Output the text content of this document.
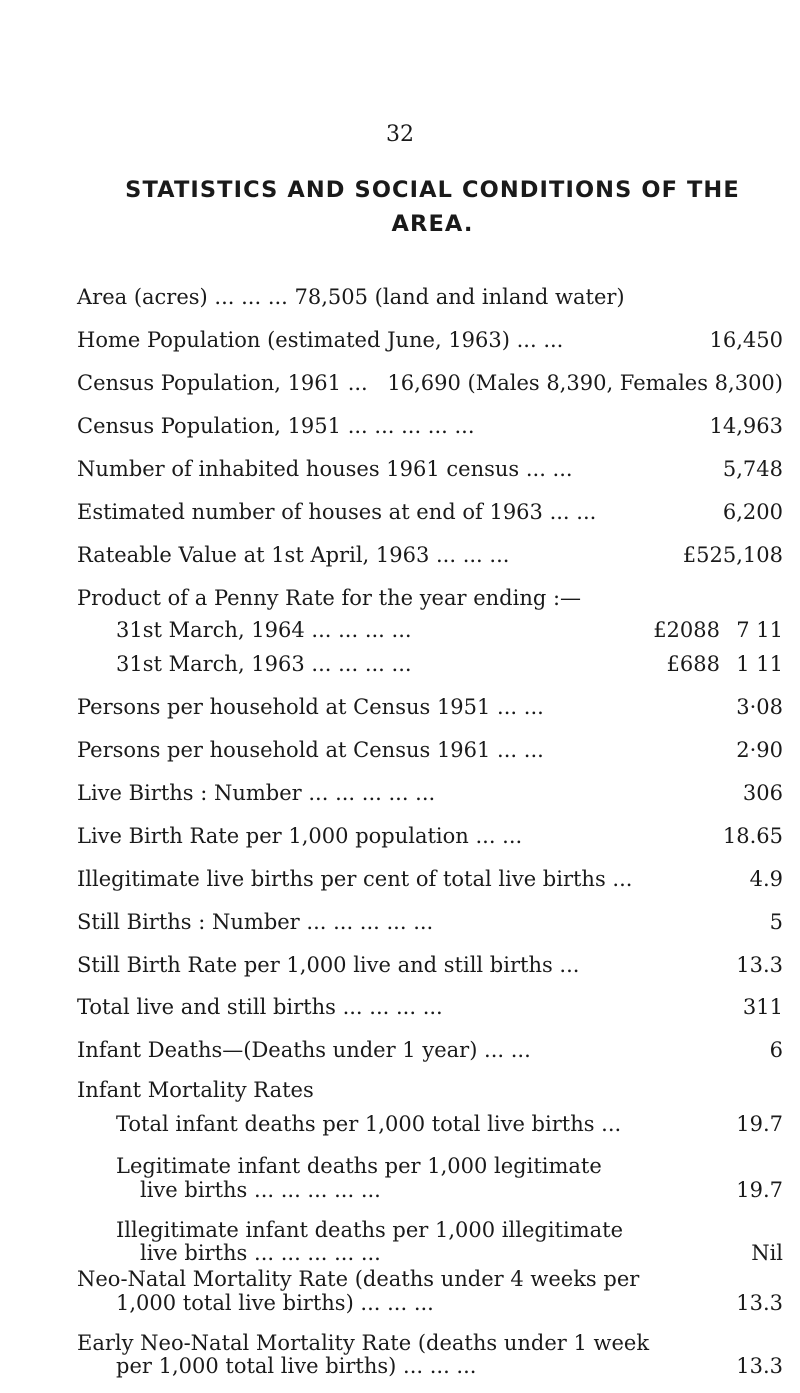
32
STATISTICS AND SOCIAL CONDITIONS OF THE
AREA.
Area (acres) ... ... ... 78,505 (land and inland water)
Home Population (estimated June, 1963) ... ...	16,450
Census Population, 1961 ... 16,690 (Males 8,390, Females 8,300)
Census Population, 1951 ... ... ... ... ...	14,963
Number of inhabited houses 1961 census ... ...	5,748
Estimated number of houses at end of 1963 ... ...	6,200
Rateable Value at 1st April, 1963 ... ... ...	£525,108
Product of a Penny Rate for the year ending :—
31st March, 1964 ... ... ... ...	£2088 7 11
31st March, 1963 ... ... ... ...	£688 1 11
Persons per household at Census 1951 ... ...	3·08
Persons per household at Census 1961 ... ...	2·90
Live Births : Number ... ... ... ... ...	306
Live Birth Rate per 1,000 population ... ...	18.65
Illegitimate live births per cent of total live births ...	4.9
Still Births : Number ... ... ... ... ...	5
Still Birth Rate per 1,000 live and still births ...	13.3
Total live and still births ... ... ... ...	311
Infant Deaths—(Deaths under 1 year) ... ...	6
Infant Mortality Rates
Total infant deaths per 1,000 total live births ...	19.7
Legitimate infant deaths per 1,000 legitimate
live births ... ... ... ... ...	19.7
Illegitimate infant deaths per 1,000 illegitimate
live births ... ... ... ... ...	Nil
Neo-Natal Mortality Rate (deaths under 4 weeks per
1,000 total live births) ... ... ...	13.3
Early Neo-Natal Mortality Rate (deaths under 1 week
per 1,000 total live births) ... ... ...	13.3
